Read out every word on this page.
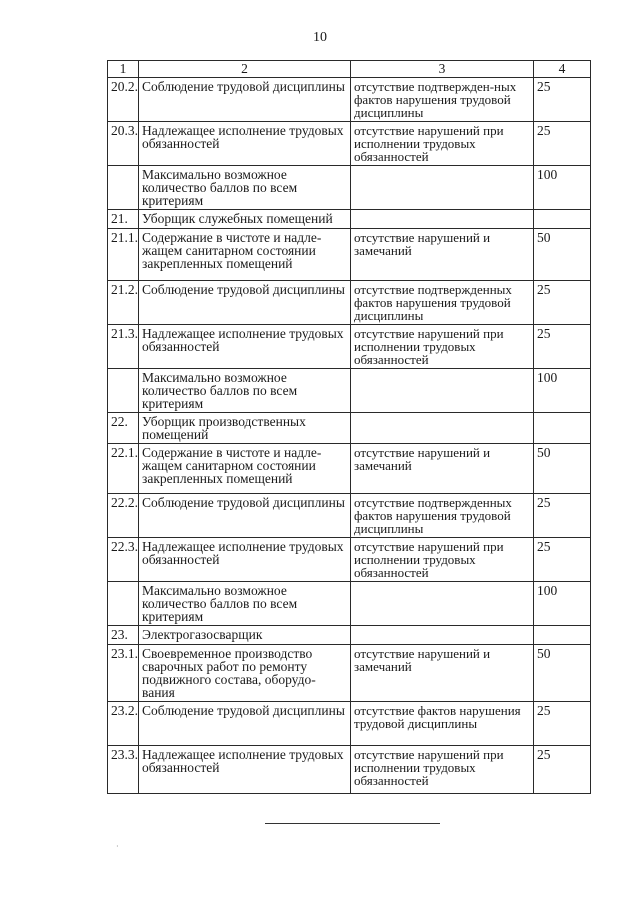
10
1	2	3	4
20.2.	Соблюдение трудовой дисциплины	отсутствие подтвержден-ных фактов нарушения трудовой дисциплины	25
20.3.	Надлежащее исполнение трудовых обязанностей	отсутствие нарушений при исполнении трудовых обязанностей	25
	Максимально возможное количество баллов по всем критериям		100
21.	Уборщик служебных помещений		
21.1.	Содержание в чистоте и надле-жащем санитарном состоянии закрепленных помещений	отсутствие нарушений и замечаний	50
21.2.	Соблюдение трудовой дисциплины	отсутствие подтвержденных фактов нарушения трудовой дисциплины	25
21.3.	Надлежащее исполнение трудовых обязанностей	отсутствие нарушений при исполнении трудовых обязанностей	25
	Максимально возможное количество баллов по всем критериям		100
22.	Уборщик производственных помещений		
22.1.	Содержание в чистоте и надле-жащем санитарном состоянии закрепленных помещений	отсутствие нарушений и замечаний	50
22.2.	Соблюдение трудовой дисциплины	отсутствие подтвержденных фактов нарушения трудовой дисциплины	25
22.3.	Надлежащее исполнение трудовых обязанностей	отсутствие нарушений при исполнении трудовых обязанностей	25
	Максимально возможное количество баллов по всем критериям		100
23.	Электрогазосварщик		
23.1.	Своевременное производство сварочных работ по ремонту подвижного состава, оборудо-вания	отсутствие нарушений и замечаний	50
23.2.	Соблюдение трудовой дисциплины	отсутствие фактов нарушения трудовой дисциплины	25
23.3.	Надлежащее исполнение трудовых обязанностей	отсутствие нарушений при исполнении трудовых обязанностей	25
·
